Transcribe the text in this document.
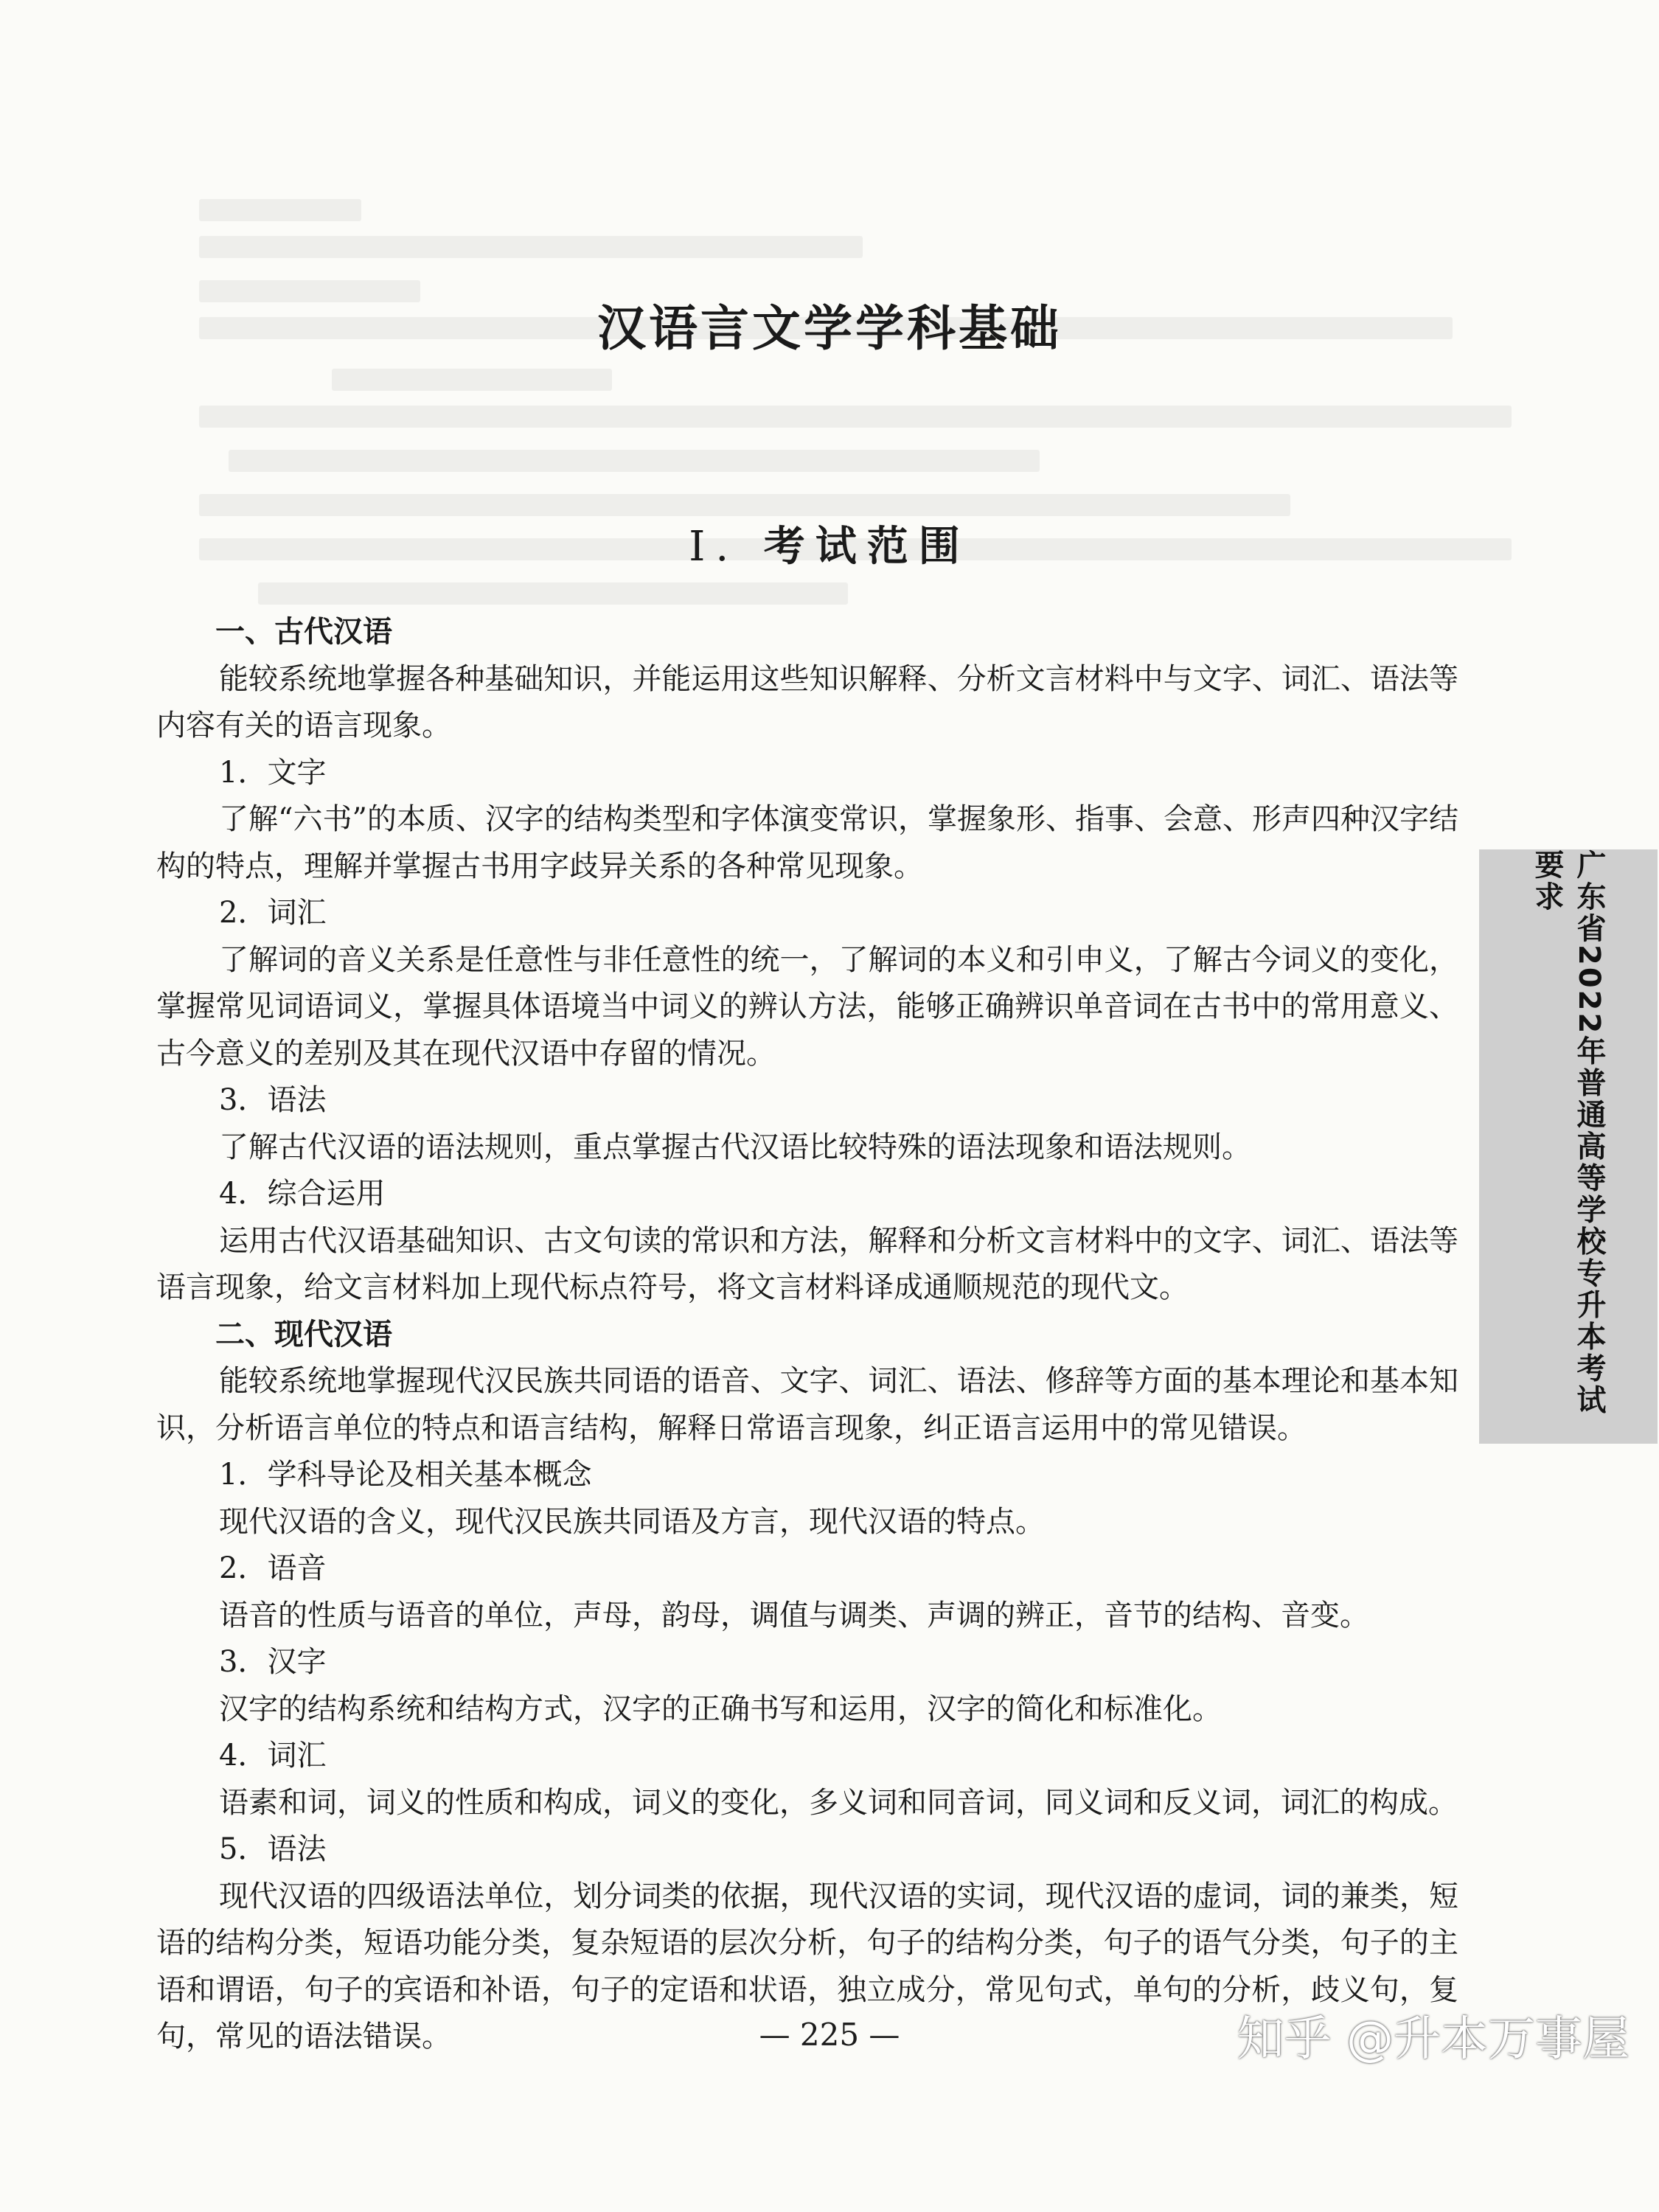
汉语言文学学科基础
I. 考试范围

一、古代汉语

能较系统地掌握各种基础知识，并能运用这些知识解释、分析文言材料中与文字、词汇、语法等内容有关的语言现象。

1．文字

了解“六书”的本质、汉字的结构类型和字体演变常识，掌握象形、指事、会意、形声四种汉字结构的特点，理解并掌握古书用字歧异关系的各种常见现象。

2．词汇

了解词的音义关系是任意性与非任意性的统一，了解词的本义和引申义，了解古今词义的变化，掌握常见词语词义，掌握具体语境当中词义的辨认方法，能够正确辨识单音词在古书中的常用意义、古今意义的差别及其在现代汉语中存留的情况。

3．语法

了解古代汉语的语法规则，重点掌握古代汉语比较特殊的语法现象和语法规则。

4．综合运用

运用古代汉语基础知识、古文句读的常识和方法，解释和分析文言材料中的文字、词汇、语法等语言现象，给文言材料加上现代标点符号，将文言材料译成通顺规范的现代文。

二、现代汉语

能较系统地掌握现代汉民族共同语的语音、文字、词汇、语法、修辞等方面的基本理论和基本知识，分析语言单位的特点和语言结构，解释日常语言现象，纠正语言运用中的常见错误。

1．学科导论及相关基本概念

现代汉语的含义，现代汉民族共同语及方言，现代汉语的特点。

2．语音

语音的性质与语音的单位，声母，韵母，调值与调类、声调的辨正，音节的结构、音变。

3．汉字

汉字的结构系统和结构方式，汉字的正确书写和运用，汉字的简化和标准化。

4．词汇

语素和词，词义的性质和构成，词义的变化，多义词和同音词，同义词和反义词，词汇的构成。

5．语法

现代汉语的四级语法单位，划分词类的依据，现代汉语的实词，现代汉语的虚词，词的兼类，短语的结构分类，短语功能分类，复杂短语的层次分析，句子的结构分类，句子的语气分类，句子的主语和谓语，句子的宾语和补语，句子的定语和状语，独立成分，常见句式，单句的分析，歧义句，复句，常见的语法错误。

广东省2022年普通高等学校专升本考试要求
— 225 —	知乎 @升本万事屋
